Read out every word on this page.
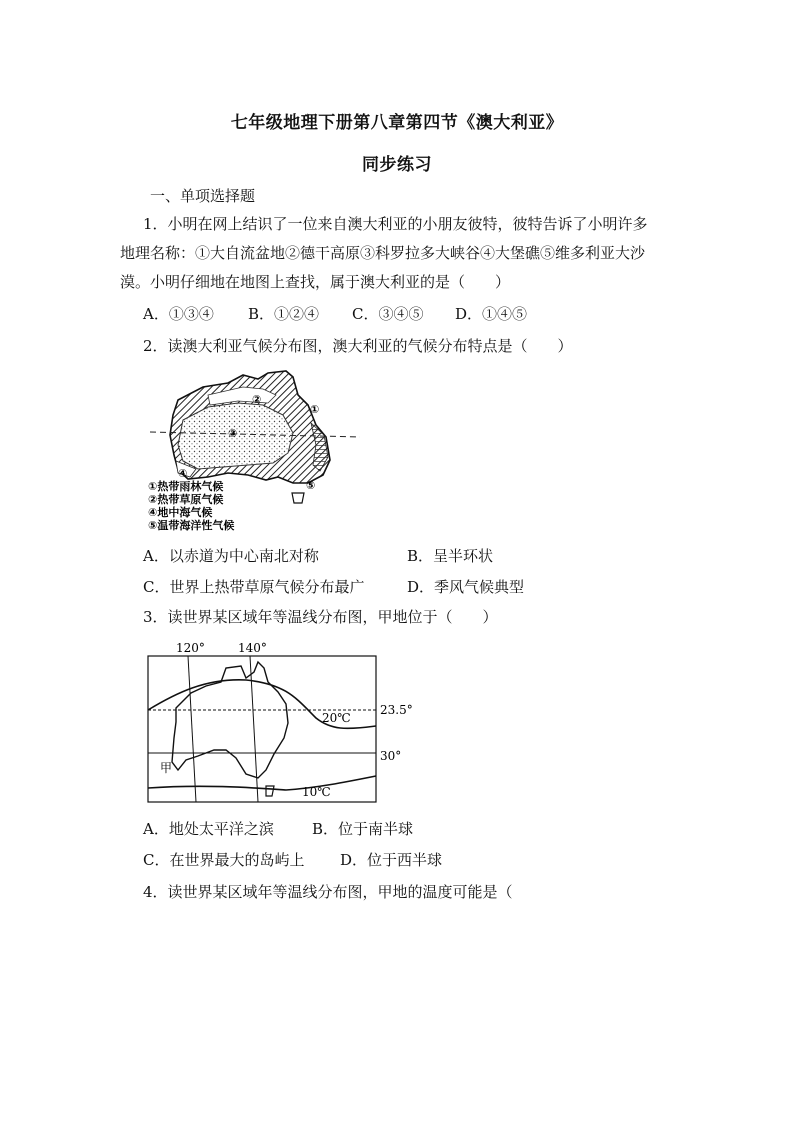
七年级地理下册第八章第四节《澳大利亚》
同步练习
一、单项选择题
1．小明在网上结识了一位来自澳大利亚的小朋友彼特，彼特告诉了小明许多
地理名称：①大自流盆地②德干高原③科罗拉多大峡谷④大堡礁⑤维多利亚大沙
漠。小明仔细地在地图上查找，属于澳大利亚的是（　　）
A．①③④ B．①②④ C．③④⑤ D．①④⑤
2．读澳大利亚气候分布图，澳大利亚的气候分布特点是（　　）
②
①
③
④
⑤
①热带雨林气候
②热带草原气候
④地中海气候
⑤温带海洋性气候
A．以赤道为中心南北对称	B．呈半环状
C．世界上热带草原气候分布最广	D．季风气候典型
3．读世界某区域年等温线分布图，甲地位于（　　）
120°	140°
23.5°
30°
20℃
10℃
甲
A．地处太平洋之滨	B．位于南半球
C．在世界最大的岛屿上 D．位于西半球
4．读世界某区域年等温线分布图，甲地的温度可能是（
